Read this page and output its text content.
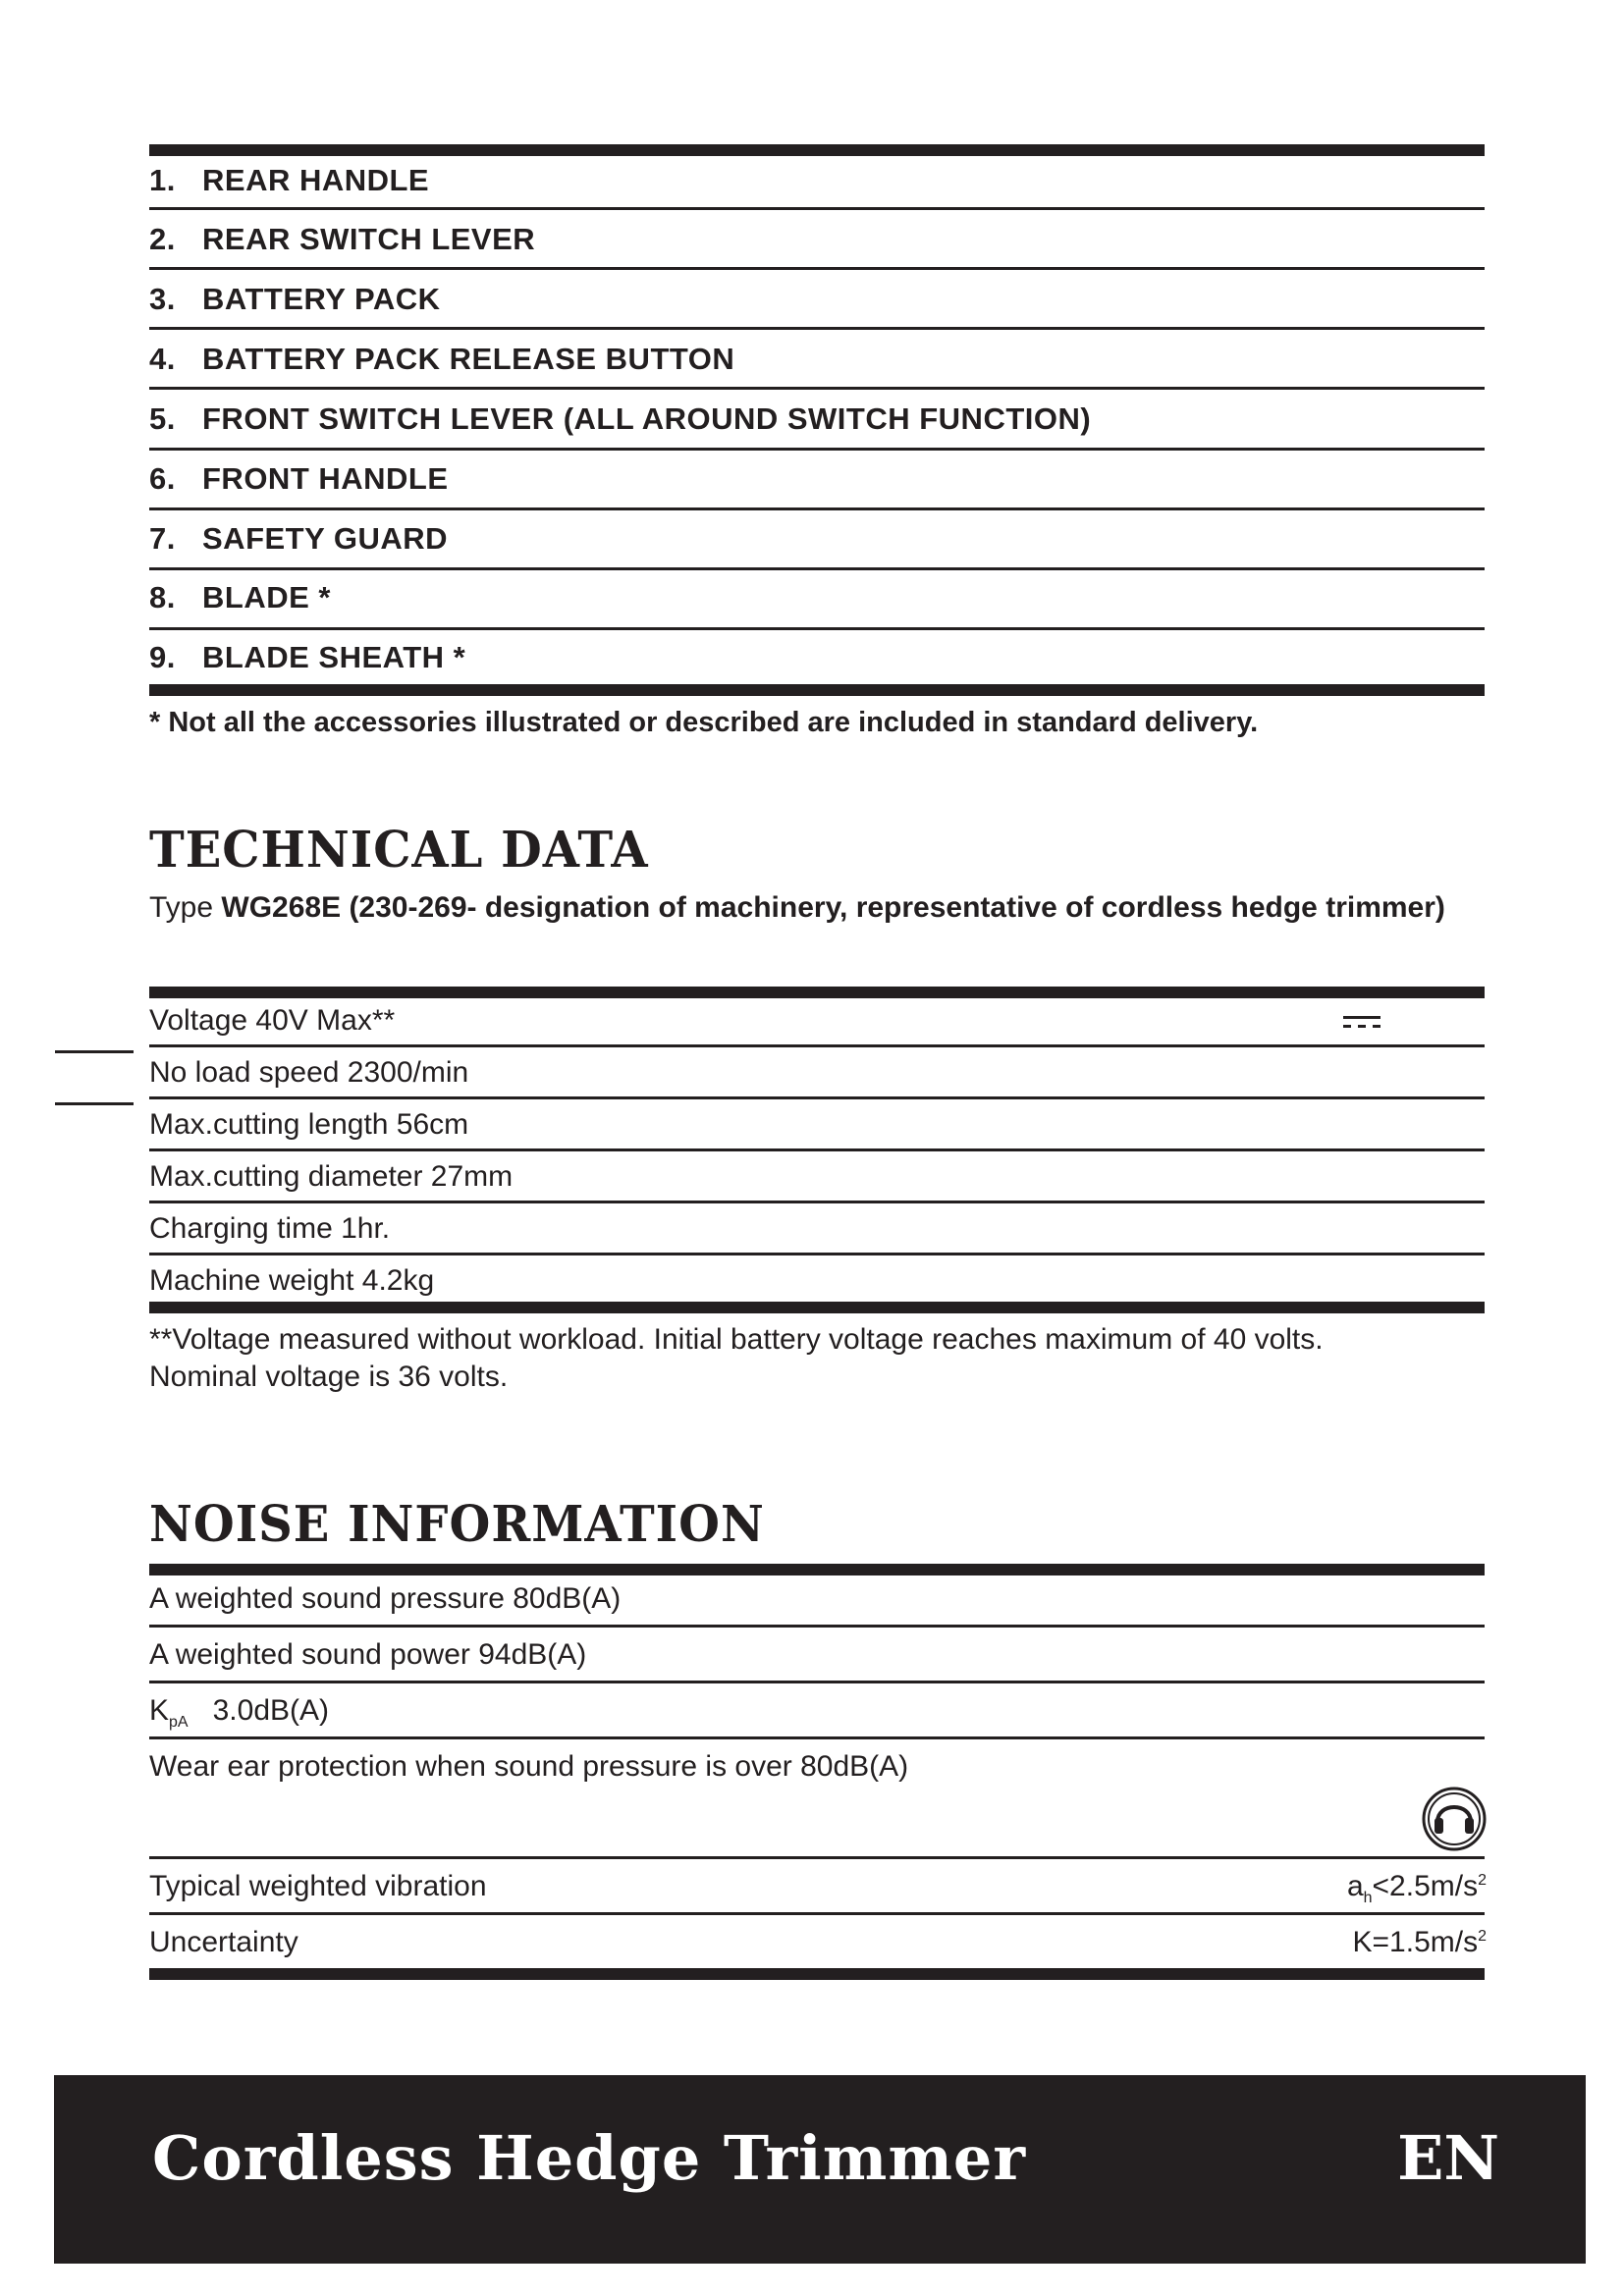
1. REAR HANDLE
2. REAR SWITCH LEVER
3. BATTERY PACK
4. BATTERY PACK RELEASE BUTTON
5. FRONT SWITCH LEVER (ALL AROUND SWITCH FUNCTION)
6. FRONT HANDLE
7. SAFETY GUARD
8. BLADE *
9. BLADE SHEATH *
* Not all the accessories illustrated or described are included in standard delivery.
TECHNICAL DATA
Type WG268E (230-269- designation of machinery, representative of cordless hedge trimmer)
Voltage 40V Max**
No load speed 2300/min
Max.cutting length 56cm
Max.cutting diameter 27mm
Charging time 1hr.
Machine weight 4.2kg
**Voltage measured without workload. Initial battery voltage reaches maximum of 40 volts.
Nominal voltage is 36 volts.
NOISE INFORMATION
A weighted sound pressure 80dB(A)
A weighted sound power 94dB(A)
$K_{pA}$ 3.0dB(A)
Wear ear protection when sound pressure is over 80dB(A)
Typical weighted vibration	$a_h<2.5m/s^2$
Uncertainty	$K=1.5m/s^2$
Cordless Hedge Trimmer	EN
